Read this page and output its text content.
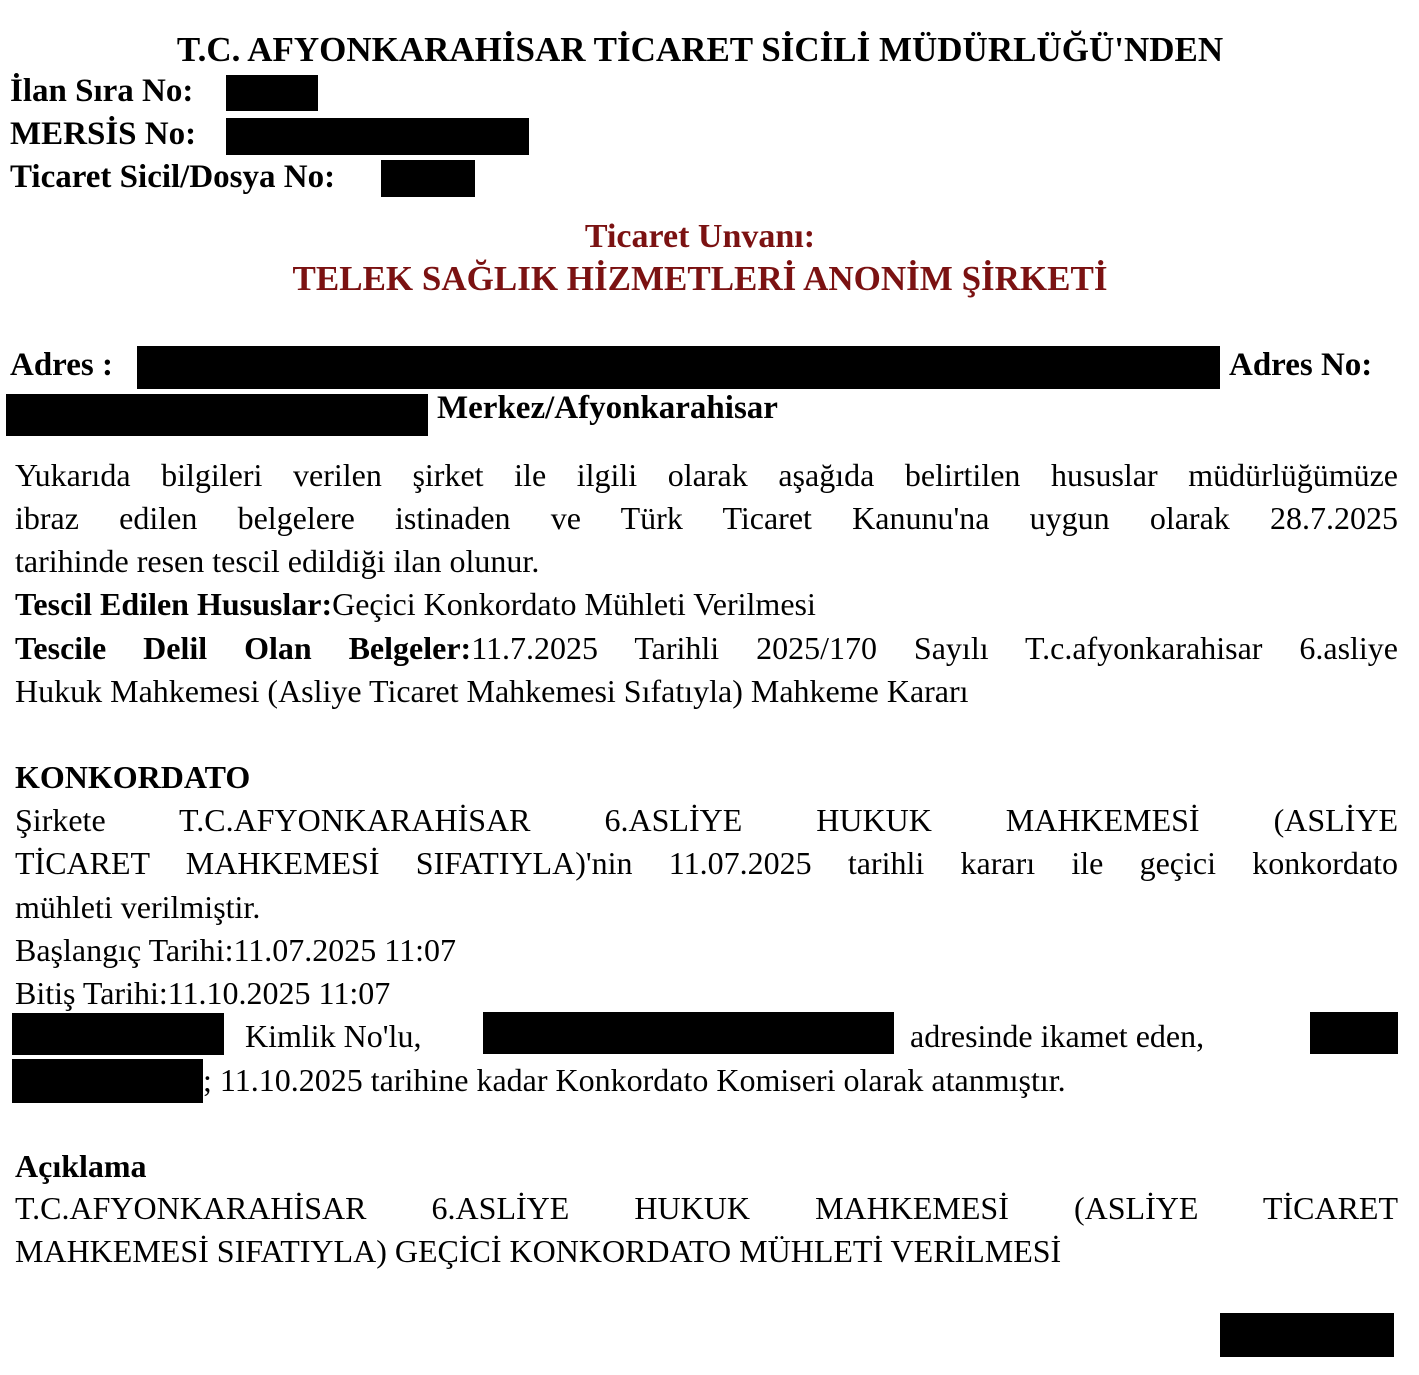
T.C. AFYONKARAHİSAR TİCARET SİCİLİ MÜDÜRLÜĞÜ'NDEN
İlan Sıra No:
MERSİS No:
Ticaret Sicil/Dosya No:
Ticaret Unvanı:
TELEK SAĞLIK HİZMETLERİ ANONİM ŞİRKETİ
Adres :	Adres No:
Merkez/Afyonkarahisar
Yukarıda bilgileri verilen şirket ile ilgili olarak aşağıda belirtilen hususlar müdürlüğümüze
ibraz edilen belgelere istinaden ve Türk Ticaret Kanunu'na uygun olarak 28.7.2025
tarihinde resen tescil edildiği ilan olunur.
Tescil Edilen Hususlar:Geçici Konkordato Mühleti Verilmesi
Tescile Delil Olan Belgeler:11.7.2025 Tarihli 2025/170 Sayılı T.c.afyonkarahisar 6.asliye
Hukuk Mahkemesi (Asliye Ticaret Mahkemesi Sıfatıyla) Mahkeme Kararı
KONKORDATO
Şirkete T.C.AFYONKARAHİSAR 6.ASLİYE HUKUK MAHKEMESİ (ASLİYE
TİCARET MAHKEMESİ SIFATIYLA)'nin 11.07.2025 tarihli kararı ile geçici konkordato
mühleti verilmiştir.
Başlangıç Tarihi:11.07.2025 11:07
Bitiş Tarihi:11.10.2025 11:07
Kimlik No'lu,	adresinde ikamet eden,
; 11.10.2025 tarihine kadar Konkordato Komiseri olarak atanmıştır.
Açıklama
T.C.AFYONKARAHİSAR 6.ASLİYE HUKUK MAHKEMESİ (ASLİYE TİCARET
MAHKEMESİ SIFATIYLA) GEÇİCİ KONKORDATO MÜHLETİ VERİLMESİ
